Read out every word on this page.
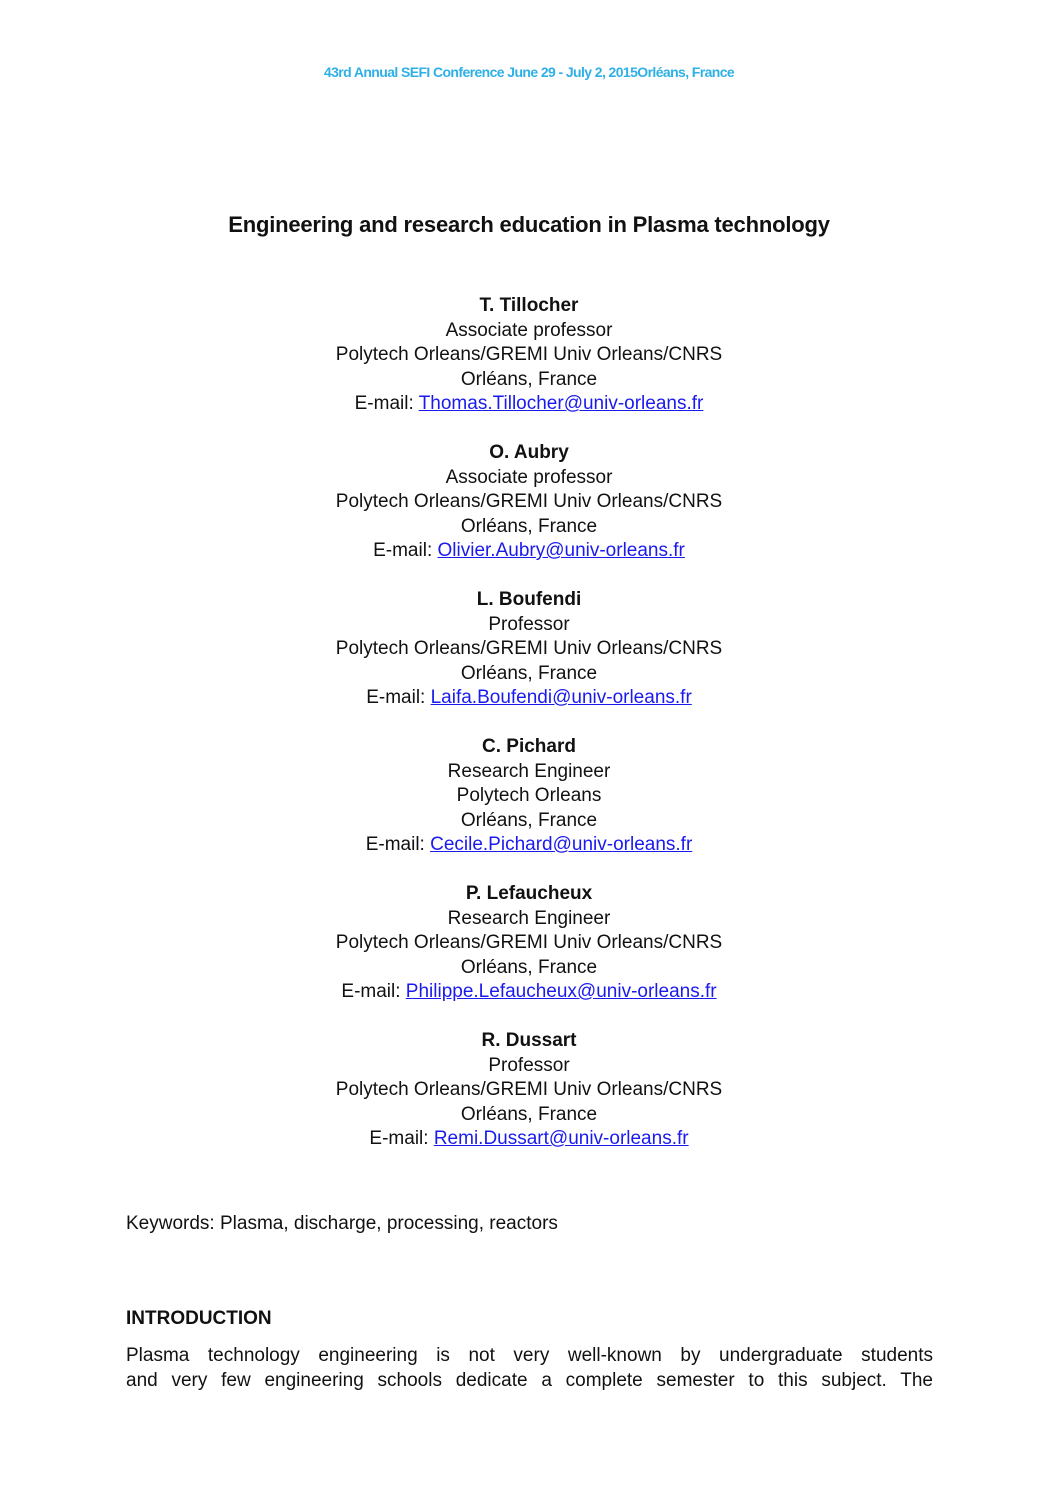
43rd Annual SEFI Conference June 29 - July 2, 2015Orléans, France
Engineering and research education in Plasma technology
T. Tillocher
Associate professor
Polytech Orleans/GREMI Univ Orleans/CNRS
Orléans, France
E-mail: Thomas.Tillocher@univ-orleans.fr
O. Aubry
Associate professor
Polytech Orleans/GREMI Univ Orleans/CNRS
Orléans, France
E-mail: Olivier.Aubry@univ-orleans.fr
L. Boufendi
Professor
Polytech Orleans/GREMI Univ Orleans/CNRS
Orléans, France
E-mail: Laifa.Boufendi@univ-orleans.fr
C. Pichard
Research Engineer
Polytech Orleans
Orléans, France
E-mail: Cecile.Pichard@univ-orleans.fr
P. Lefaucheux
Research Engineer
Polytech Orleans/GREMI Univ Orleans/CNRS
Orléans, France
E-mail: Philippe.Lefaucheux@univ-orleans.fr
R. Dussart
Professor
Polytech Orleans/GREMI Univ Orleans/CNRS
Orléans, France
E-mail: Remi.Dussart@univ-orleans.fr
Keywords: Plasma, discharge, processing, reactors
INTRODUCTION
Plasma technology engineering is not very well-known by undergraduate students
and very few engineering schools dedicate a complete semester to this subject. The
